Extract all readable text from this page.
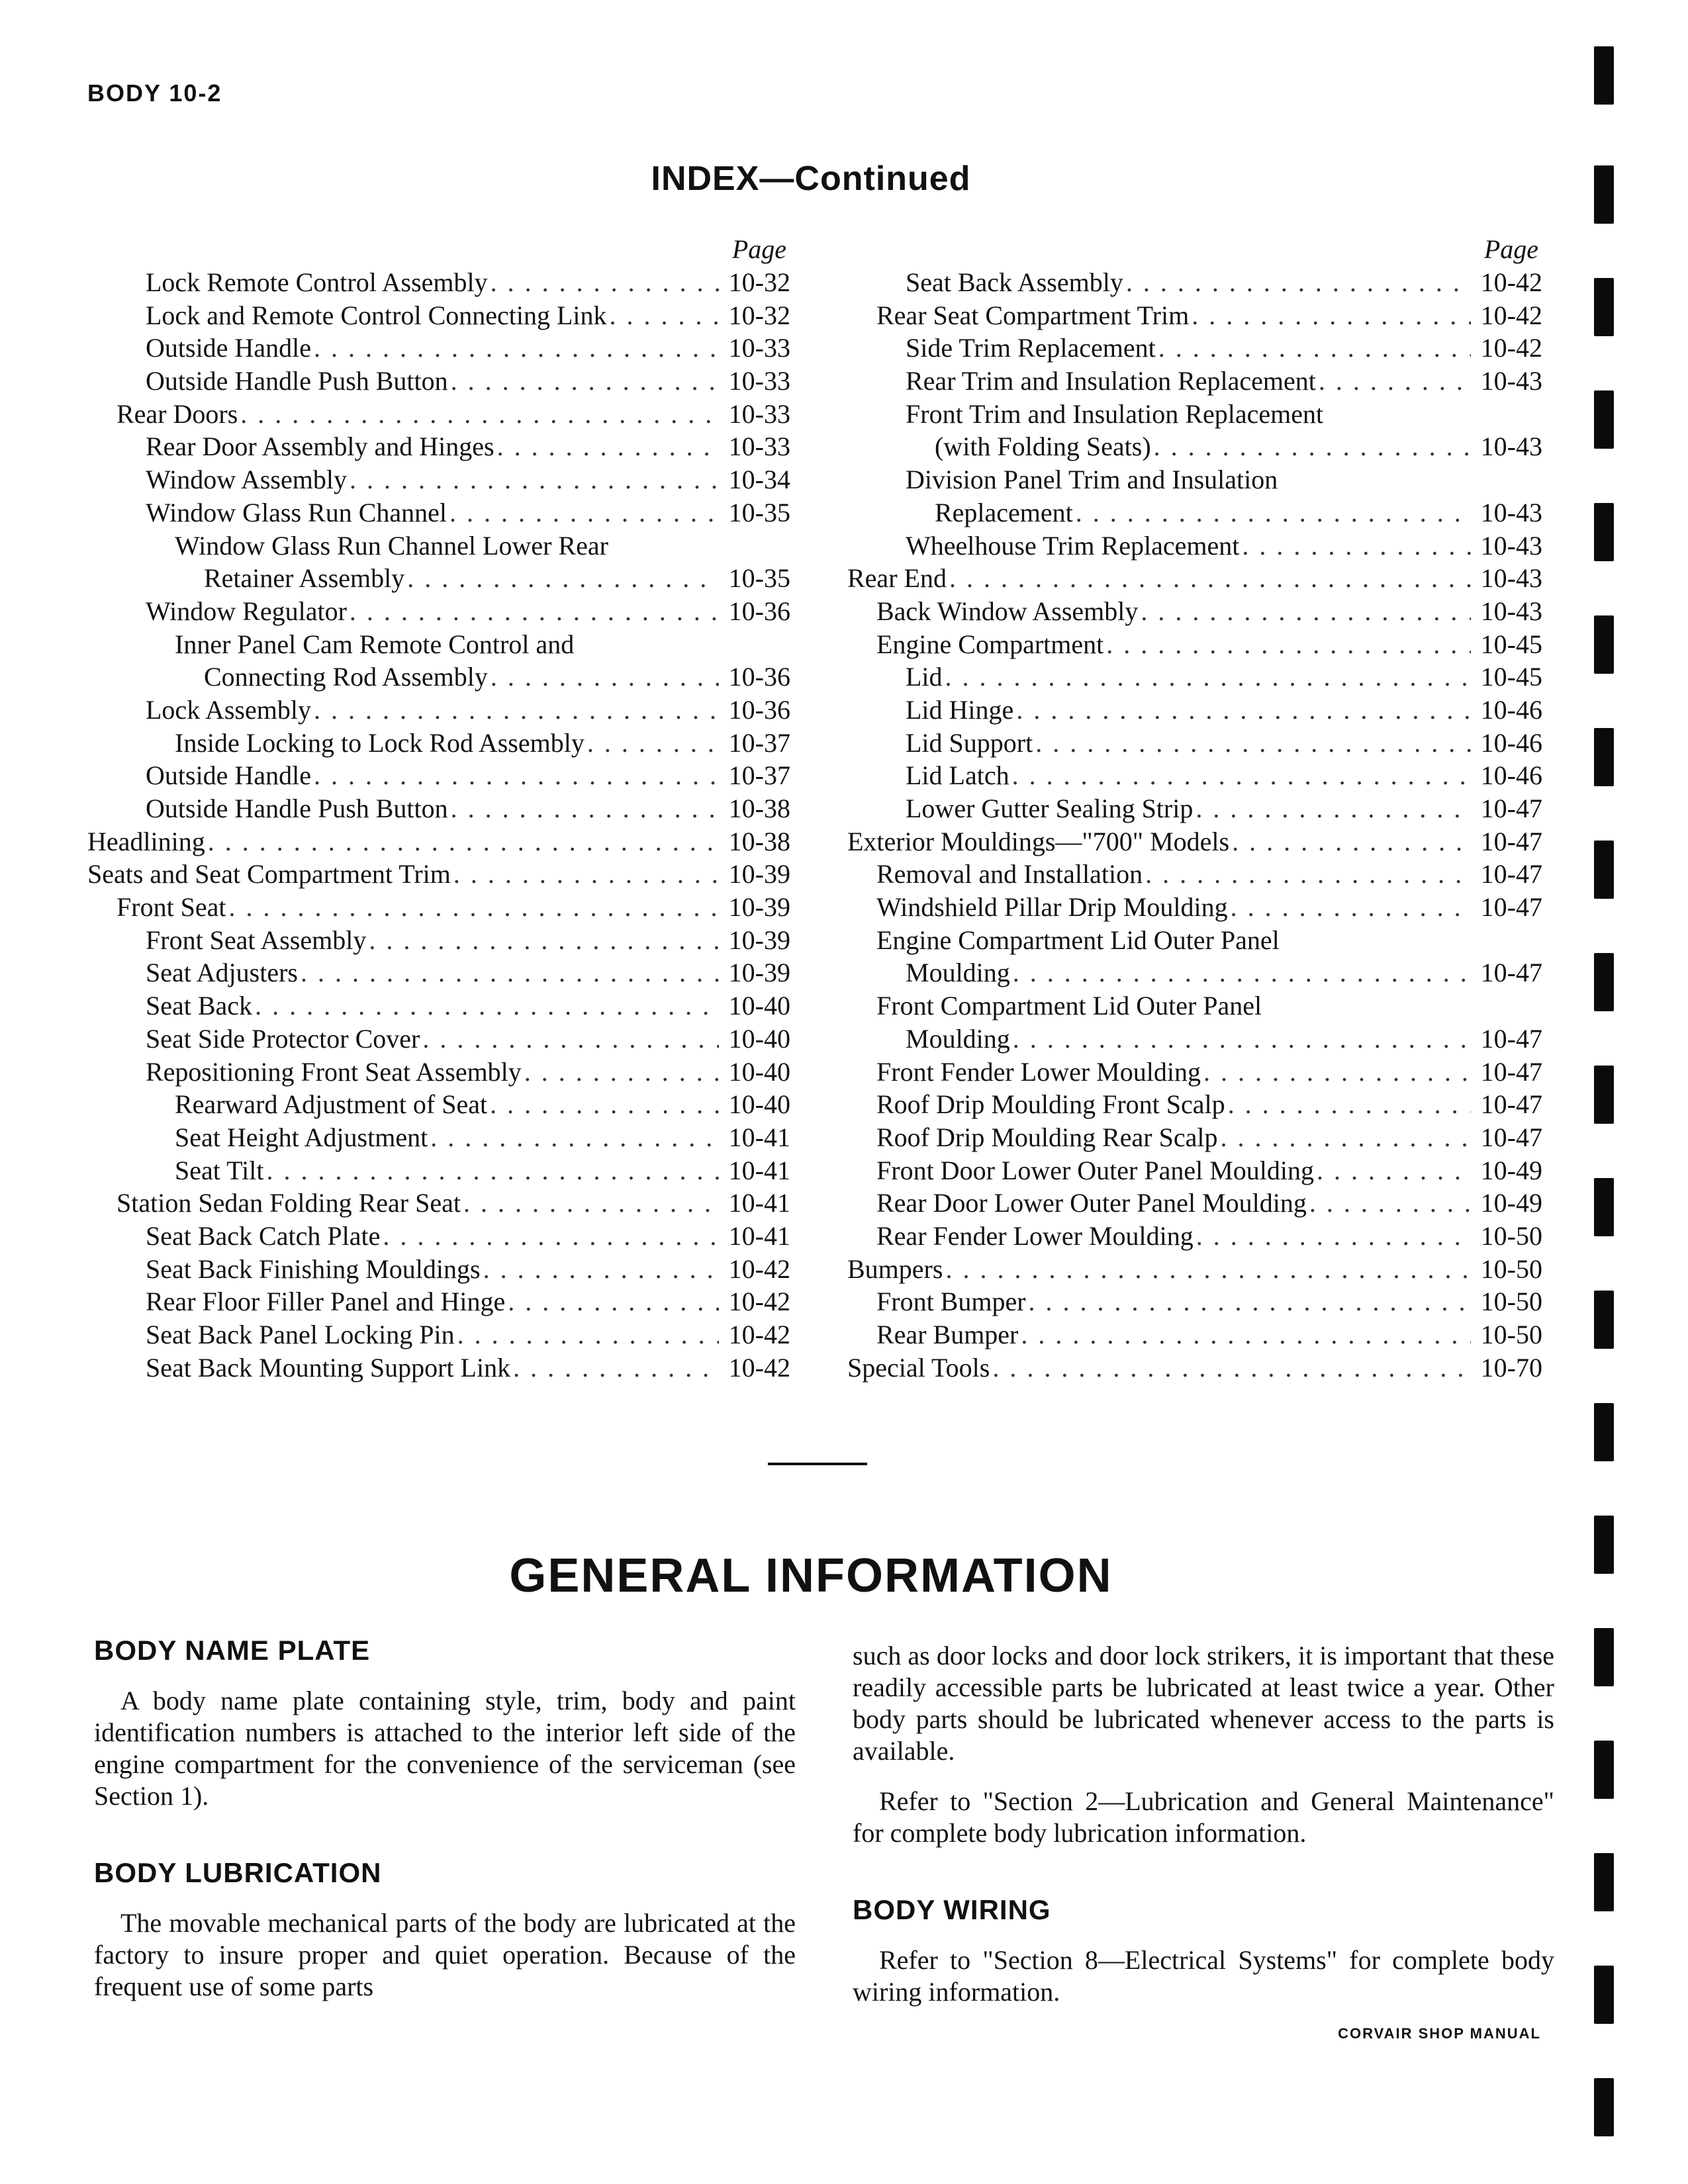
BODY 10-2
INDEX—Continued
Page
Lock Remote Control Assembly . . .	10-32
Lock and Remote Control Connecting Link . . .	10-32
Outside Handle . . .	10-33
Outside Handle Push Button . . .	10-33
Rear Doors . . .	10-33
Rear Door Assembly and Hinges . . .	10-33
Window Assembly . . .	10-34
Window Glass Run Channel . . .	10-35
Window Glass Run Channel Lower Rear
Retainer Assembly . . .	10-35
Window Regulator . . .	10-36
Inner Panel Cam Remote Control and
Connecting Rod Assembly . . .	10-36
Lock Assembly . . .	10-36
Inside Locking to Lock Rod Assembly . . .	10-37
Outside Handle . . .	10-37
Outside Handle Push Button . . .	10-38
Headlining . . .	10-38
Seats and Seat Compartment Trim . . .	10-39
Front Seat . . .	10-39
Front Seat Assembly . . .	10-39
Seat Adjusters . . .	10-39
Seat Back . . .	10-40
Seat Side Protector Cover . . .	10-40
Repositioning Front Seat Assembly . . .	10-40
Rearward Adjustment of Seat . . .	10-40
Seat Height Adjustment . . .	10-41
Seat Tilt . . .	10-41
Station Sedan Folding Rear Seat . . .	10-41
Seat Back Catch Plate . . .	10-41
Seat Back Finishing Mouldings . . .	10-42
Rear Floor Filler Panel and Hinge . . .	10-42
Seat Back Panel Locking Pin . . .	10-42
Seat Back Mounting Support Link . . .	10-42
Page
Seat Back Assembly . . .	10-42
Rear Seat Compartment Trim . . .	10-42
Side Trim Replacement . . .	10-42
Rear Trim and Insulation Replacement . . .	10-43
Front Trim and Insulation Replacement
(with Folding Seats) . . .	10-43
Division Panel Trim and Insulation
Replacement . . .	10-43
Wheelhouse Trim Replacement . . .	10-43
Rear End . . .	10-43
Back Window Assembly . . .	10-43
Engine Compartment . . .	10-45
Lid . . .	10-45
Lid Hinge . . .	10-46
Lid Support . . .	10-46
Lid Latch . . .	10-46
Lower Gutter Sealing Strip . . .	10-47
Exterior Mouldings—"700" Models . . .	10-47
Removal and Installation . . .	10-47
Windshield Pillar Drip Moulding . . .	10-47
Engine Compartment Lid Outer Panel
Moulding . . .	10-47
Front Compartment Lid Outer Panel
Moulding . . .	10-47
Front Fender Lower Moulding . . .	10-47
Roof Drip Moulding Front Scalp . . .	10-47
Roof Drip Moulding Rear Scalp . . .	10-47
Front Door Lower Outer Panel Moulding . . .	10-49
Rear Door Lower Outer Panel Moulding . . .	10-49
Rear Fender Lower Moulding . . .	10-50
Bumpers . . .	10-50
Front Bumper . . .	10-50
Rear Bumper . . .	10-50
Special Tools . . .	10-70
GENERAL INFORMATION
BODY NAME PLATE

A body name plate containing style, trim, body and paint identification numbers is attached to the interior left side of the engine compartment for the convenience of the serviceman (see Section 1).

BODY LUBRICATION

The movable mechanical parts of the body are lubricated at the factory to insure proper and quiet operation. Because of the frequent use of some parts

such as door locks and door lock strikers, it is important that these readily accessible parts be lubricated at least twice a year. Other body parts should be lubricated whenever access to the parts is available.

Refer to "Section 2—Lubrication and General Maintenance" for complete body lubrication information.

BODY WIRING

Refer to "Section 8—Electrical Systems" for complete body wiring information.

CORVAIR SHOP MANUAL
